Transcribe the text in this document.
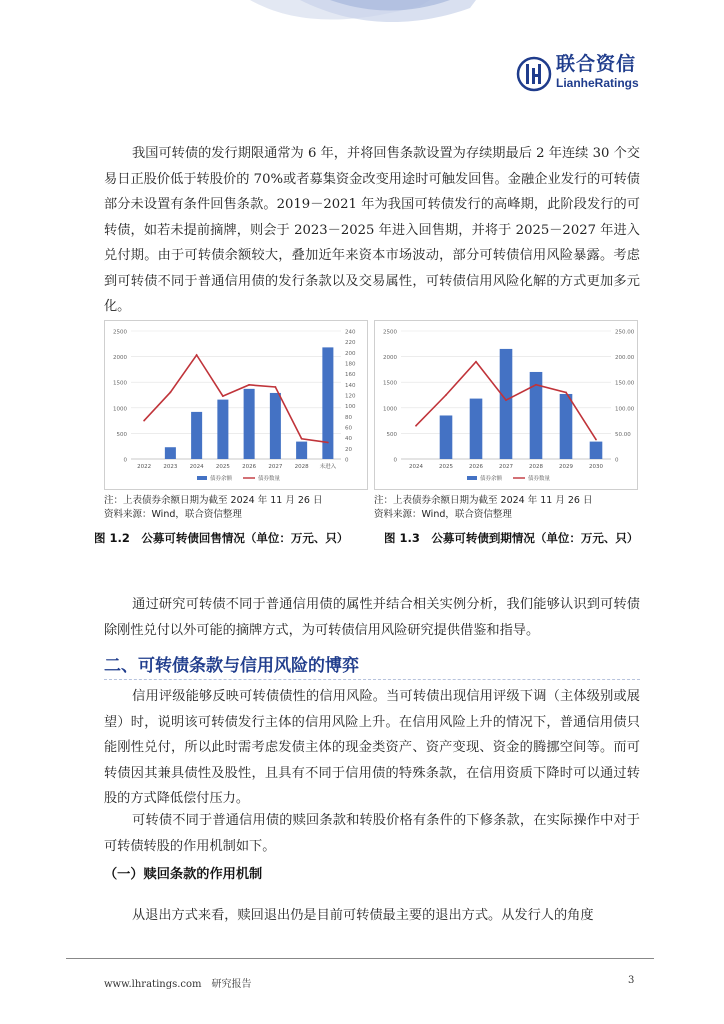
联合资信
LianheRatings

我国可转债的发行期限通常为 6 年，并将回售条款设置为存续期最后 2 年连续 30 个交易日正股价低于转股价的 70%或者募集资金改变用途时可触发回售。金融企业发行的可转债部分未设置有条件回售条款。2019－2021 年为我国可转债发行的高峰期，此阶段发行的可转债，如若未提前摘牌，则会于 2023－2025 年进入回售期，并将于 2025－2027 年进入兑付期。由于可转债余额较大，叠加近年来资本市场波动，部分可转债信用风险暴露。考虑到可转债不同于普通信用债的发行条款以及交易属性，可转债信用风险化解的方式更加多元化。

0
500
1000
1500
2000
2500
0
20
40
60
80
100
120
140
160
180
200
220
240
2022 2023 2024 2025 2026 2027 2028 未进入
债券余额	债券数量
0
500
1000
1500
2000
2500
0
50.00
100.00
150.00
200.00
250.00
2024	2025	2026	2027	2028	2029	2030
债券余额	债券数量
注：上表债券余额日期为截至 2024 年 11 月 26 日
资料来源：Wind，联合资信整理
注：上表债券余额日期为截至 2024 年 11 月 26 日
资料来源：Wind，联合资信整理
图 1.2　公募可转债回售情况（单位：万元、只）	图 1.3　公募可转债到期情况（单位：万元、只）

通过研究可转债不同于普通信用债的属性并结合相关实例分析，我们能够认识到可转债除刚性兑付以外可能的摘牌方式，为可转债信用风险研究提供借鉴和指导。

二、可转债条款与信用风险的博弈

信用评级能够反映可转债债性的信用风险。当可转债出现信用评级下调（主体级别或展望）时，说明该可转债发行主体的信用风险上升。在信用风险上升的情况下，普通信用债只能刚性兑付，所以此时需考虑发债主体的现金类资产、资产变现、资金的腾挪空间等。而可转债因其兼具债性及股性，且具有不同于信用债的特殊条款，在信用资质下降时可以通过转股的方式降低偿付压力。

可转债不同于普通信用债的赎回条款和转股价格有条件的下修条款，在实际操作中对于可转债转股的作用机制如下。

（一）赎回条款的作用机制

从退出方式来看，赎回退出仍是目前可转债最主要的退出方式。从发行人的角度

www.lhratings.com　研究报告	3
